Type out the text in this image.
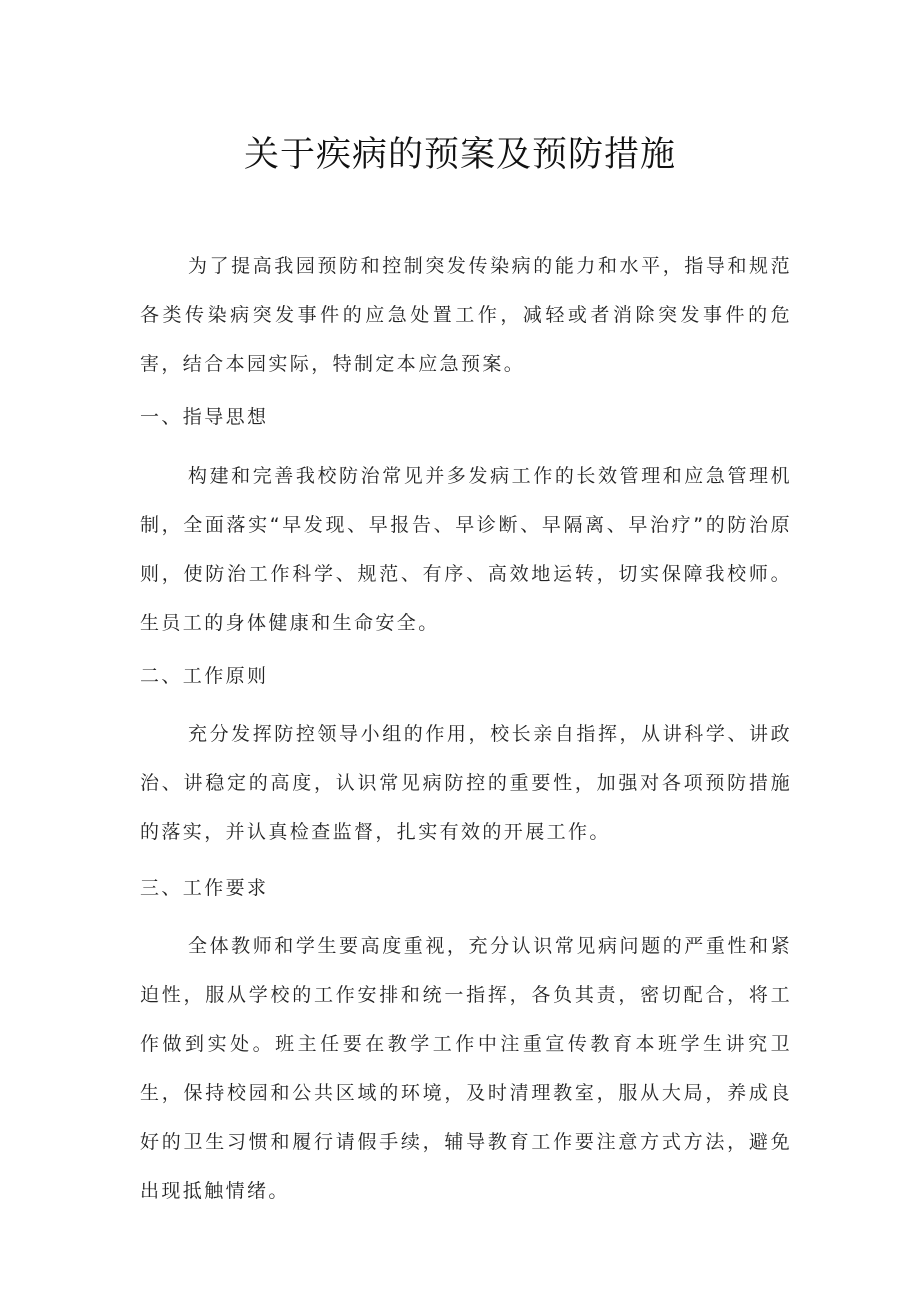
关于疾病的预案及预防措施

为了提高我园预防和控制突发传染病的能力和水平，指导和规范各类传染病突发事件的应急处置工作，减轻或者消除突发事件的危害，结合本园实际，特制定本应急预案。

一、指导思想

构建和完善我校防治常见并多发病工作的长效管理和应急管理机制，全面落实“早发现、早报告、早诊断、早隔离、早治疗”的防治原则，使防治工作科学、规范、有序、高效地运转，切实保障我校师。生员工的身体健康和生命安全。

二、工作原则

充分发挥防控领导小组的作用，校长亲自指挥，从讲科学、讲政治、讲稳定的高度，认识常见病防控的重要性，加强对各项预防措施的落实，并认真检查监督，扎实有效的开展工作。

三、工作要求

全体教师和学生要高度重视，充分认识常见病问题的严重性和紧迫性，服从学校的工作安排和统一指挥，各负其责，密切配合，将工作做到实处。班主任要在教学工作中注重宣传教育本班学生讲究卫生，保持校园和公共区域的环境，及时清理教室，服从大局，养成良好的卫生习惯和履行请假手续，辅导教育工作要注意方式方法，避免出现抵触情绪。
